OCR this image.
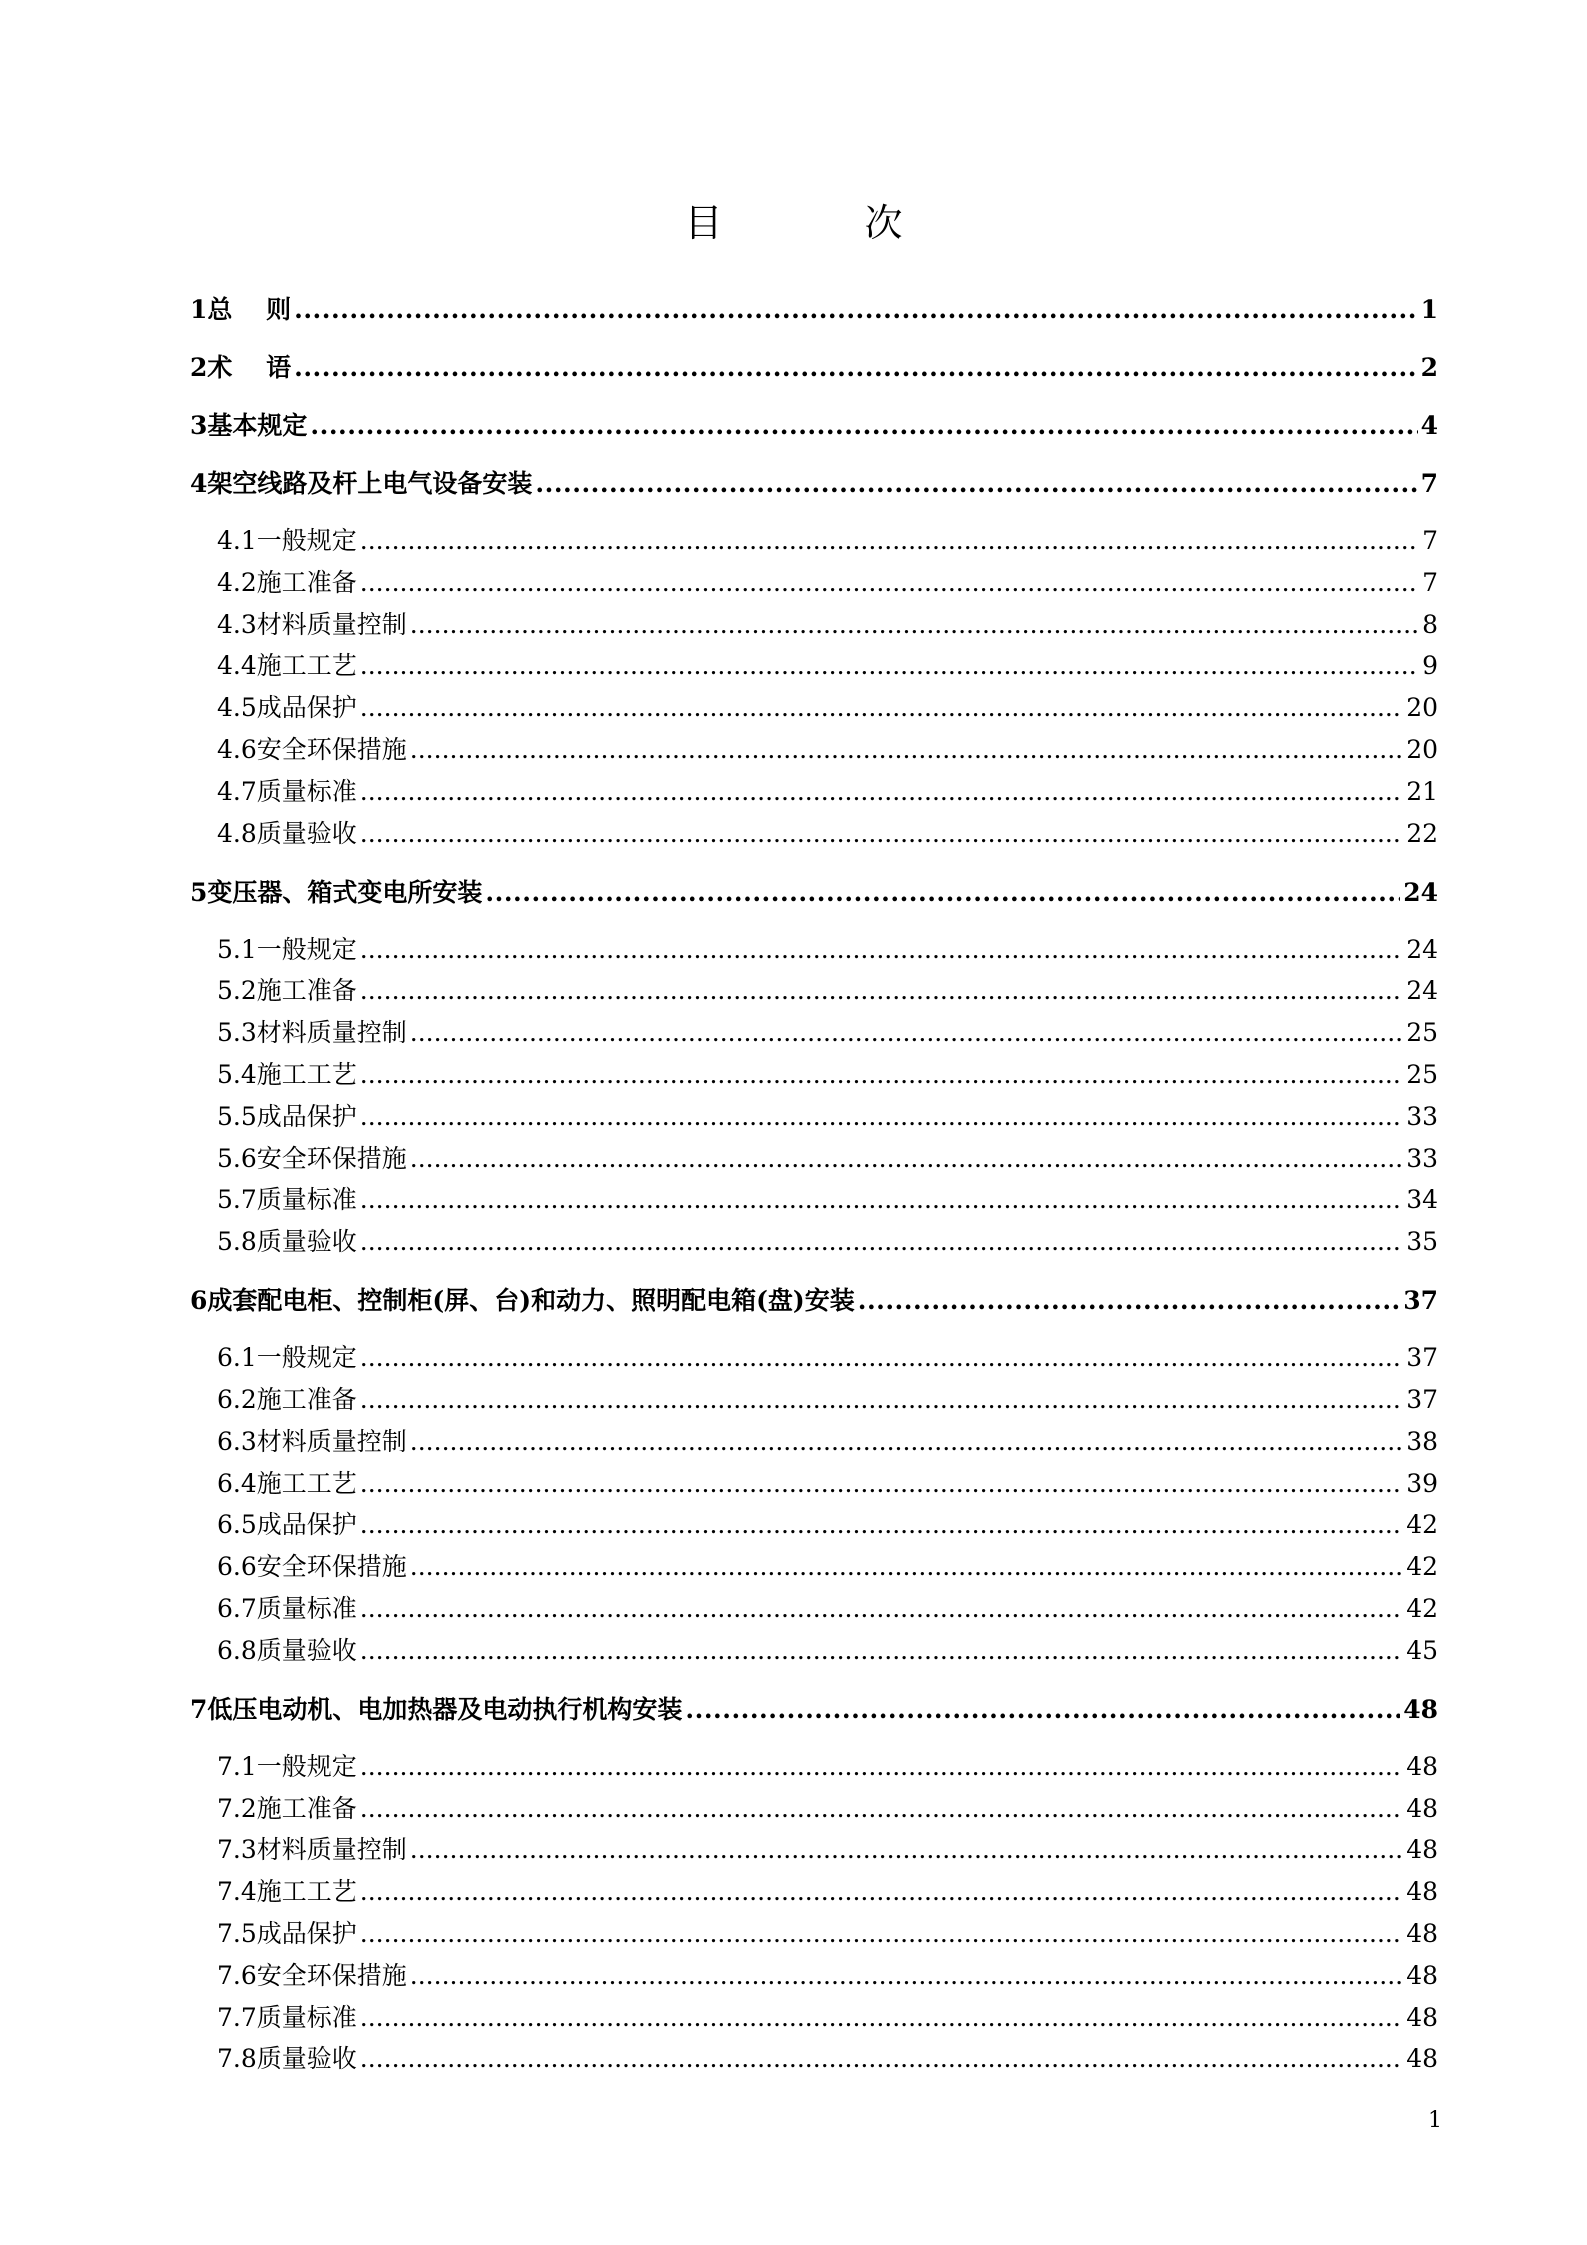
目　次
1 总　 则 .....	1
2 术　 语 .....	2
3 基本规定 .....	4
4 架空线路及杆上电气设备安装 .....	7
4.1 一般规定 .....	7
4.2 施工准备 .....	7
4.3 材料质量控制 .....	8
4.4 施工工艺 .....	9
4.5 成品保护 .....	20
4.6 安全环保措施 .....	20
4.7 质量标准 .....	21
4.8 质量验收 .....	22
5 变压器、箱式变电所安装 .....	24
5.1 一般规定 .....	24
5.2 施工准备 .....	24
5.3 材料质量控制 .....	25
5.4 施工工艺 .....	25
5.5 成品保护 .....	33
5.6 安全环保措施 .....	33
5.7 质量标准 .....	34
5.8 质量验收 .....	35
6 成套配电柜、控制柜(屏、台)和动力、照明配电箱(盘)安装 .....	37
6.1 一般规定 .....	37
6.2 施工准备 .....	37
6.3 材料质量控制 .....	38
6.4 施工工艺 .....	39
6.5 成品保护 .....	42
6.6 安全环保措施 .....	42
6.7 质量标准 .....	42
6.8 质量验收 .....	45
7 低压电动机、电加热器及电动执行机构安装 .....	48
7.1 一般规定 .....	48
7.2 施工准备 .....	48
7.3 材料质量控制 .....	48
7.4 施工工艺 .....	48
7.5 成品保护 .....	48
7.6 安全环保措施 .....	48
7.7 质量标准 .....	48
7.8 质量验收 .....	48
1
